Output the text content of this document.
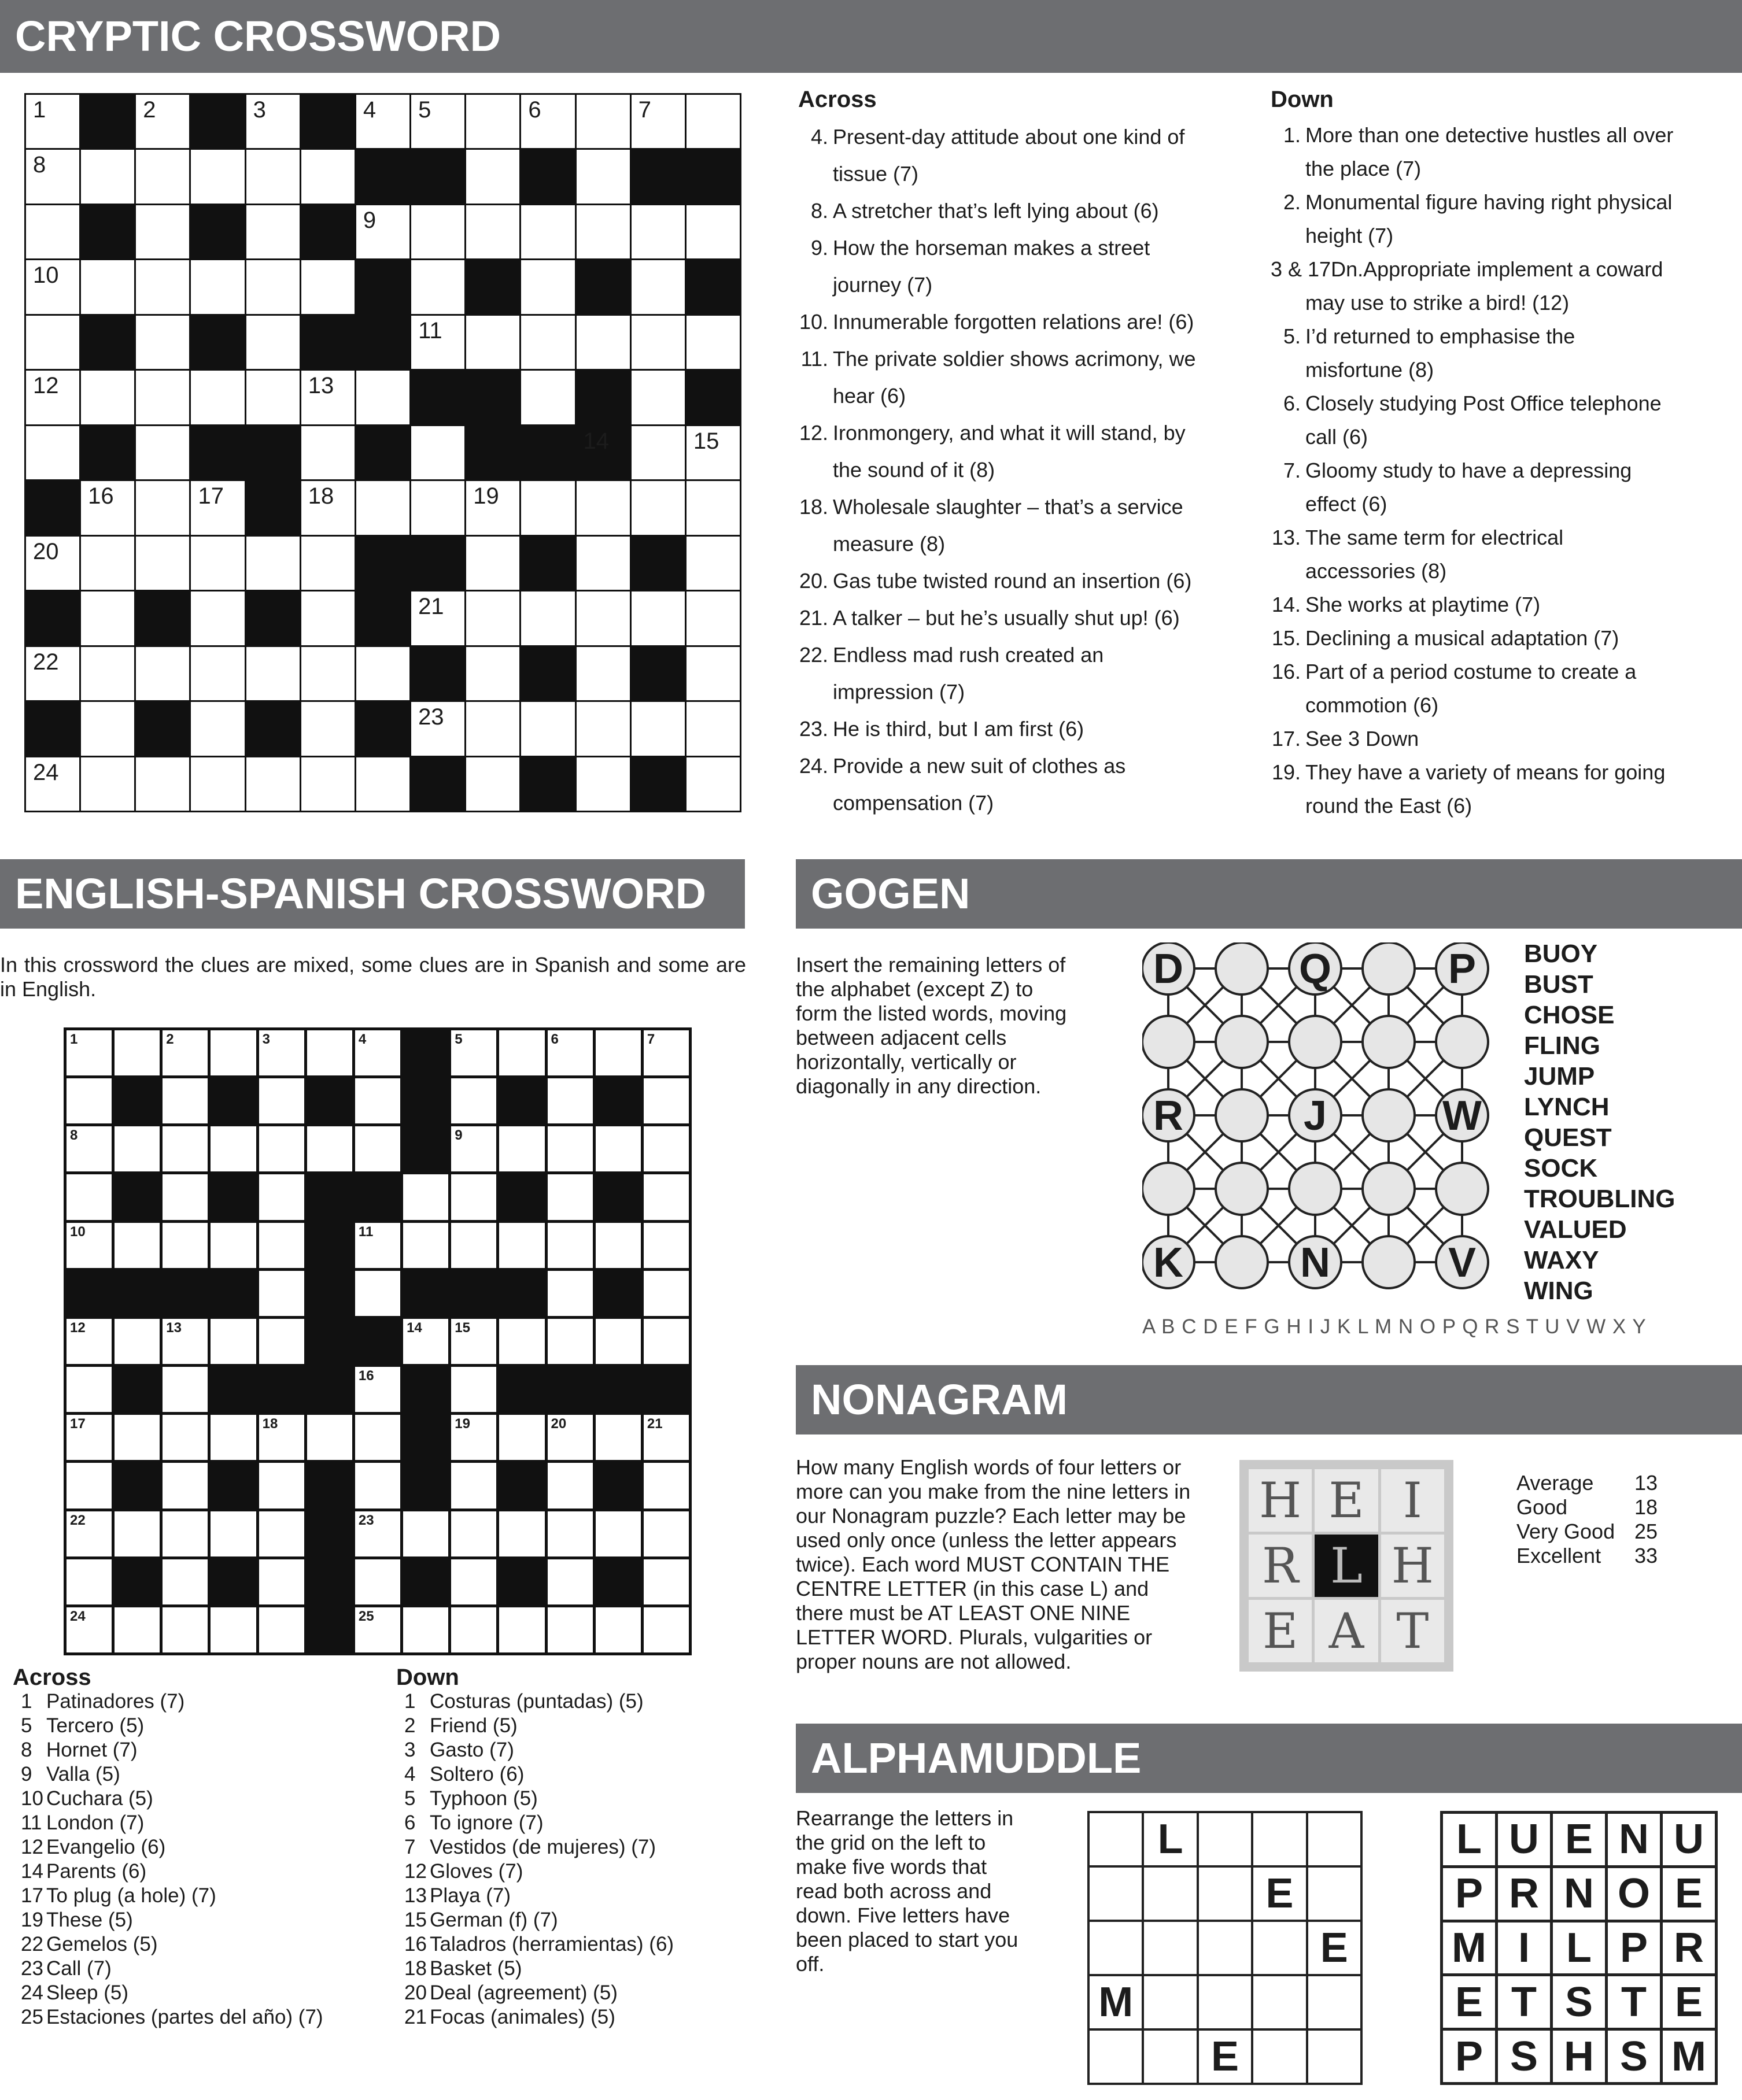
CRYPTIC CROSSWORD
1	2	3	4 5	6	7
8
9
10
11
12	13
14	15
16	17	18	19
20
21
22
23
24
Across
4. Present-day attitude about one kind of
tissue (7)
8. A stretcher that’s left lying about (6)
9. How the horseman makes a street
journey (7)
10. Innumerable forgotten relations are! (6)
11. The private soldier shows acrimony, we
hear (6)
12. Ironmongery, and what it will stand, by
the sound of it (8)
18. Wholesale slaughter – that’s a service
measure (8)
20. Gas tube twisted round an insertion (6)
21. A talker – but he’s usually shut up! (6)
22. Endless mad rush created an
impression (7)
23. He is third, but I am first (6)
24. Provide a new suit of clothes as
compensation (7)
Down
1. More than one detective hustles all over
the place (7)
2. Monumental figure having right physical
height (7)
3 & 17Dn. Appropriate implement a coward
may use to strike a bird! (12)
5. I’d returned to emphasise the
misfortune (8)
6. Closely studying Post Office telephone
call (6)
7. Gloomy study to have a depressing
effect (6)
13. The same term for electrical
accessories (8)
14. She works at playtime (7)
15. Declining a musical adaptation (7)
16. Part of a period costume to create a
commotion (6)
17. See 3 Down
19. They have a variety of means for going
round the East (6)
ENGLISH-SPANISH CROSSWORD
In this crossword the clues are mixed, some clues are in Spanish and some are in English.
1	2	3	4	5	6	7
8	9
10	11
12	13	14 15
16
17	18	19	20	21
22	23
24	25
Across
1 Patinadores (7)
5 Tercero (5)
8 Hornet (7)
9 Valla (5)
10 Cuchara (5)
11 London (7)
12 Evangelio (6)
14 Parents (6)
17 To plug (a hole) (7)
19 These (5)
22 Gemelos (5)
23 Call (7)
24 Sleep (5)
25 Estaciones (partes del año) (7)
Down
1 Costuras (puntadas) (5)
2 Friend (5)
3 Gasto (7)
4 Soltero (6)
5 Typhoon (5)
6 To ignore (7)
7 Vestidos (de mujeres) (7)
12 Gloves (7)
13 Playa (7)
15 German (f) (7)
16 Taladros (herramientas) (6)
18 Basket (5)
20 Deal (agreement) (5)
21 Focas (animales) (5)
GOGEN
Insert the remaining letters of the alphabet (except Z) to form the listed words, moving between adjacent cells horizontally, vertically or diagonally in any direction.
D	Q	P
R	J	W
K	N	V
BUOY
BUST
CHOSE
FLING
JUMP
LYNCH
QUEST
SOCK
TROUBLING
VALUED
WAXY
WING
A B C D E F G H I J K L M N O P Q R S T U V W X Y
NONAGRAM
How many English words of four letters or more can you make from the nine letters in our Nonagram puzzle? Each letter may be used only once (unless the letter appears twice). Each word MUST CONTAIN THE CENTRE LETTER (in this case L) and there must be AT LEAST ONE NINE LETTER WORD. Plurals, vulgarities or proper nouns are not allowed.
H E I
R L H
E A T
Average	13
Good	18
Very Good 25
Excellent	33
ALPHAMUDDLE
Rearrange the letters in the grid on the left to make five words that read both across and down. Five letters have been placed to start you off.
L
E
E
M
E
L U E N U
P R N O E
M I L P R
E T S T E
P S H S M
